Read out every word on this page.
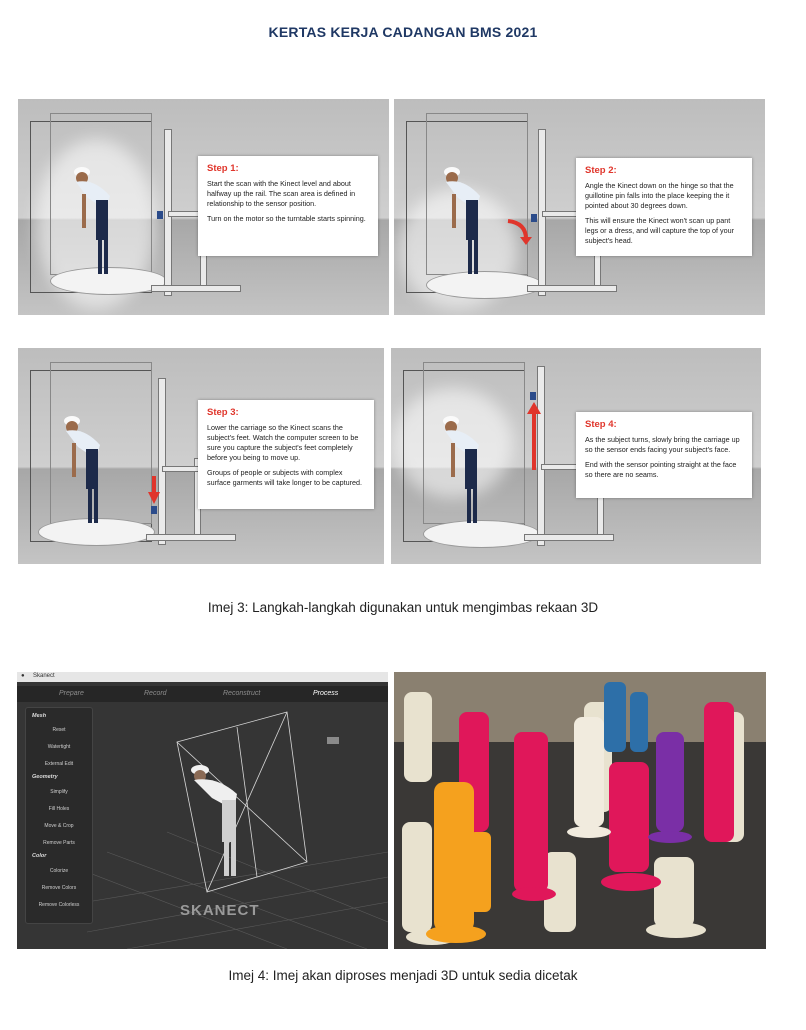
KERTAS KERJA CADANGAN BMS 2021
Step 1:

Start the scan with the Kinect level and about halfway up the rail. The scan area is defined in relationship to the sensor position.

Turn on the motor so the turntable starts spinning.

Step 2:

Angle the Kinect down on the hinge so that the guillotine pin falls into the place keeping the it pointed about 30 degrees down.

This will ensure the Kinect won't scan up pant legs or a dress, and will capture the top of your subject's head.

Step 3:

Lower the carriage so the Kinect scans the subject's feet. Watch the computer screen to be sure you capture the subject's feet completely before you being to move up.

Groups of people or subjects with complex surface garments will take longer to be captured.

Step 4:

As the subject turns, slowly bring the carriage up so the sensor ends facing your subject's face.

End with the sensor pointing straight at the face so there are no seams.

Imej 3: Langkah-langkah digunakan untuk mengimbas rekaan 3D
● Skanect
Prepare	Record	Reconstruct	Process
Mesh
Reset
Watertight
External Edit
Geometry
Simplify
Fill Holes
Move & Crop
Remove Parts
Color
Colorize
Remove Colors
Remove Colorless	SKANECT
Imej 4: Imej akan diproses menjadi 3D untuk sedia dicetak
